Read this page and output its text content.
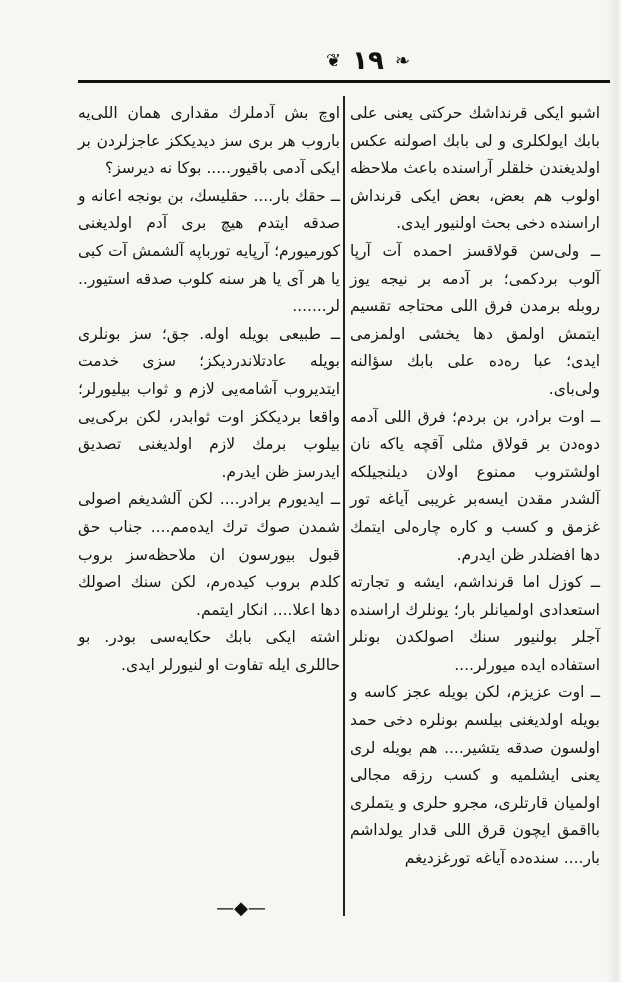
❦ ١٩ ❧

اشبو ایکی قرنداشك حرکتی یعنی علی بابك ایولکلری و لی بابك اصولنه عکس اولدیغندن خلقلر آراسنده باعث ملاحظه اولوب هم بعض، بعض ایکی قرنداش اراسنده دخی بحث اولنیور ایدی.

ــ ولی‌سن قولاقسز احمده آت آرپا آلوب بردکمی؛ بر آدمه بر نیجه یوز روبله برمدن فرق اللی محتاجه تقسیم ایتمش اولمق دها یخشی اولمزمی ایدی؛ عبا رەده علی بابك سؤالنه ولی‌بای.

ــ اوت برادر، بن بردم؛ فرق اللی آدمه دوەدن بر قولاق مثلی آقچه یاکه نان اولشتروب ممنوع اولان دیلنجیلکه آلشدر مقدن ایسه‌بر غریبی آیاغه تور غزمق و کسب و کاره چاره‌لی ایتمك دها افضلدر ظن ایدرم.

ــ کوزل اما قرنداشم، ایشه و تجارته استعدادی اولمیانلر بار؛ یونلرك اراسنده آجلر بولنیور سنك اصولکدن بونلر استفاده ایده میورلر....

ــ اوت عزیزم، لکن بویله عجز کاسه و بویله اولدیغنی بیلسم بونلره دخی حمد اولسون صدقه یتشیر.... هم بویله لری یعنی ایشلمیه و کسب رزقه مجالی اولمیان قارتلری، مجرو حلری و یتملری بااقمق ایچون قرق اللی قدار یولداشم بار.... سنده‌ده آیاغه تورغزدیغم

اوچ بش آدملرك مقداری همان اللی‌یه باروب هر بری سز دیدیککز عاجزلردن بر ایکی آدمی باقیور..... بوکا نه دیرسز؟

ــ حقك بار.... حقلیسك، بن بونجه اعانه و صدقه ایتدم هیچ بری آدم اولدیغنی کورمیورم؛ آرپایه تورباپه آلشمش آت کبی یا هر آی یا هر سنه کلوب صدقه استیور.. لر.......

ــ طبیعی بویله اوله. جق؛ سز بونلری بویله عادتلاندردیکز؛ سزی خدمت ایتدیروب آشامه‌یی لازم و ثواب بیلیورلر؛ واقعا بردیککز اوت ثوابدر، لکن برکی‌یی بیلوب برمك لازم اولدیغنی تصدیق ایدرسز ظن ایدرم.

ــ ایدیورم برادر.... لکن آلشدیغم اصولی شمدن صوك ترك ایده‌مم.... جناب حق قبول بیورسون ان ملاحظه‌سز بروب کلدم بروب کیده‌رم، لکن سنك اصولك دها اعلا.... انکار ایتمم.

اشته ایکی بابك حکایه‌سی بودر. بو حاللری ایله تفاوت او لنیورلر ایدی.

—◆—
